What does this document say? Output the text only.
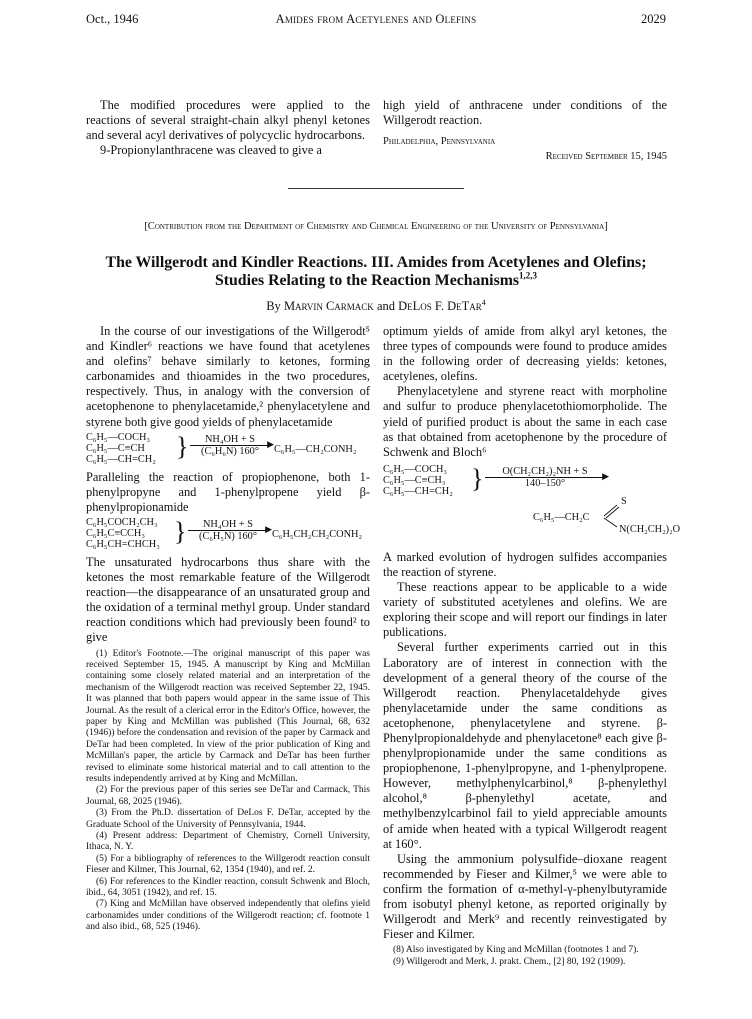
Oct., 1946	Amides from Acetylenes and Olefins	2029

The modified procedures were applied to the reactions of several straight-chain alkyl phenyl ketones and several acyl derivatives of polycyclic hydrocarbons.

9-Propionylanthracene was cleaved to give a

high yield of anthracene under conditions of the Willgerodt reaction.

Philadelphia, Pennsylvania

Received September 15, 1945

[Contribution from the Department of Chemistry and Chemical Engineering of the University of Pennsylvania]
The Willgerodt and Kindler Reactions. III. Amides from Acetylenes and Olefins;
Studies Relating to the Reaction Mechanisms$^{1,2,3}$
By Marvin Carmack and DeLos F. DeTar$^4$

In the course of our investigations of the Willgerodt⁵ and Kindler⁶ reactions we have found that acetylenes and olefins⁷ behave similarly to ketones, forming carbonamides and thioamides in the two procedures, respectively. Thus, in analogy with the conversion of acetophenone to phenylacetamide,² phenylacetylene and styrene both give good yields of phenylacetamide

C₆H₅—COCH₃
C₆H₅—C≡CH
C₆H₅—CH=CH₂ }	NH₄OH + S	▶
(C₆H₆N) 160°	C₆H₅—CH₂CONH₂

Paralleling the reaction of propiophenone, both 1-phenylpropyne and 1-phenylpropene yield β-phenylpropionamide

C₆H₅COCH₂CH₃
C₆H₅C≡CCH₃
C₆H₅CH=CHCH₃ }	NH₄OH + S	▶
(C₆H₅N) 160°	C₆H₅CH₂CH₂CONH₂

The unsaturated hydrocarbons thus share with the ketones the most remarkable feature of the Willgerodt reaction—the disappearance of an unsaturated group and the oxidation of a terminal methyl group. Under standard reaction conditions which had previously been found² to give

(1) Editor's Footnote.—The original manuscript of this paper was received September 15, 1945. A manuscript by King and McMillan containing some closely related material and an interpretation of the mechanism of the Willgerodt reaction was received September 22, 1945. It was planned that both papers would appear in the same issue of This Journal. As the result of a clerical error in the Editor's Office, however, the paper by King and McMillan was published (This Journal, 68, 632 (1946)) before the condensation and revision of the paper by Carmack and DeTar had been completed. In view of the prior publication of King and McMillan's paper, the article by Carmack and DeTar has been further revised to eliminate some historical material and to call attention to the results independently arrived at by King and McMillan.
(2) For the previous paper of this series see DeTar and Carmack, This Journal, 68, 2025 (1946).
(3) From the Ph.D. dissertation of DeLos F. DeTar, accepted by the Graduate School of the University of Pennsylvania, 1944.
(4) Present address: Department of Chemistry, Cornell University, Ithaca, N. Y.
(5) For a bibliography of references to the Willgerodt reaction consult Fieser and Kilmer, This Journal, 62, 1354 (1940), and ref. 2.
(6) For references to the Kindler reaction, consult Schwenk and Bloch, ibid., 64, 3051 (1942), and ref. 15.
(7) King and McMillan have observed independently that olefins yield carbonamides under conditions of the Willgerodt reaction; cf. footnote 1 and also ibid., 68, 525 (1946).

optimum yields of amide from alkyl aryl ketones, the three types of compounds were found to produce amides in the following order of decreasing yields: ketones, acetylenes, olefins.

Phenylacetylene and styrene react with morpholine and sulfur to produce phenylacetothiomorpholide. The yield of purified product is about the same in each case as that obtained from acetophenone by the procedure of Schwenk and Bloch⁶

C₆H₅—COCH₃
C₆H₅—C≡CH₃
C₆H₅—CH=CH₂ }	O(CH₂CH₂)₂NH + S	▶
140–150°
C₆H₅—CH₂C
S
N(CH₂CH₂)₂O

A marked evolution of hydrogen sulfides accompanies the reaction of styrene.

These reactions appear to be applicable to a wide variety of substituted acetylenes and olefins. We are exploring their scope and will report our findings in later publications.

Several further experiments carried out in this Laboratory are of interest in connection with the development of a general theory of the course of the Willgerodt reaction. Phenylacetaldehyde gives phenylacetamide under the same conditions as acetophenone, phenylacetylene and styrene. β-Phenylpropionaldehyde and phenylacetone⁸ each give β-phenylpropionamide under the same conditions as propiophenone, 1-phenylpropyne, and 1-phenylpropene. However, methylphenylcarbinol,⁸ β-phenylethyl alcohol,⁸ β-phenylethyl acetate, and methylbenzylcarbinol fail to yield appreciable amounts of amide when heated with a typical Willgerodt reagent at 160°.

Using the ammonium polysulfide–dioxane reagent recommended by Fieser and Kilmer,⁵ we were able to confirm the formation of α-methyl-γ-phenylbutyramide from isobutyl phenyl ketone, as reported originally by Willgerodt and Merk⁹ and recently reinvestigated by Fieser and Kilmer.

(8) Also investigated by King and McMillan (footnotes 1 and 7).
(9) Willgerodt and Merk, J. prakt. Chem., [2] 80, 192 (1909).
